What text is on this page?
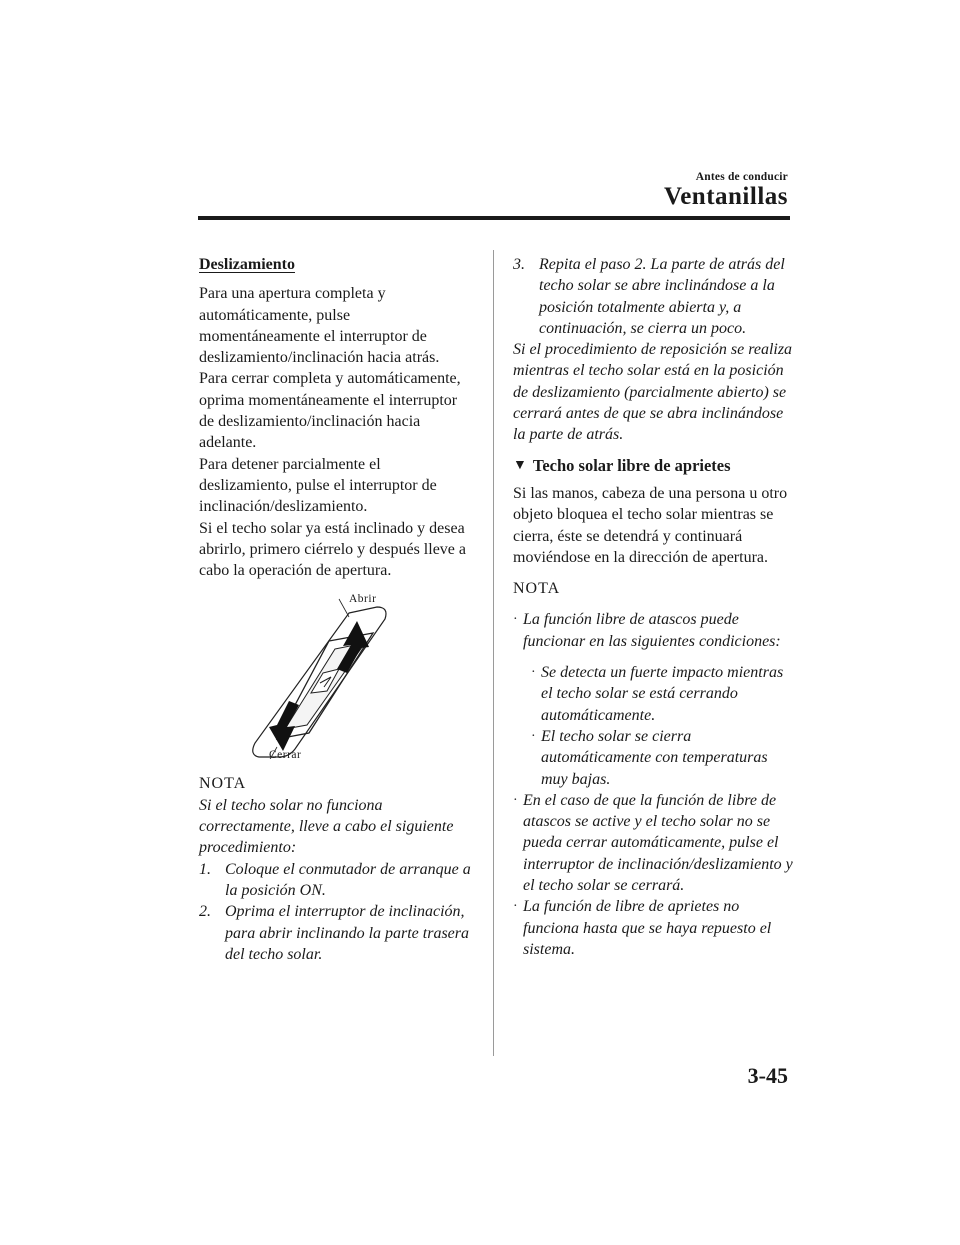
Antes de conducir
Ventanillas

Deslizamiento

Para una apertura completa y automáticamente, pulse momentáneamente el interruptor de deslizamiento/inclinación hacia atrás.

Para cerrar completa y automáticamente, oprima momentáneamente el interruptor de deslizamiento/inclinación hacia adelante.

Para detener parcialmente el deslizamiento, pulse el interruptor de inclinación/deslizamiento.

Si el techo solar ya está inclinado y desea abrirlo, primero ciérrelo y después lleve a cabo la operación de apertura.

Abrir
Cerrar

NOTA

Si el techo solar no funciona correctamente, lleve a cabo el siguiente procedimiento:

1. Coloque el conmutador de arranque a la posición ON.
2. Oprima el interruptor de inclinación, para abrir inclinando la parte trasera del techo solar.
3. Repita el paso 2. La parte de atrás del techo solar se abre inclinándose a la posición totalmente abierta y, a continuación, se cierra un poco.

Si el procedimiento de reposición se realiza mientras el techo solar está en la posición de deslizamiento (parcialmente abierto) se cerrará antes de que se abra inclinándose la parte de atrás.

▼ Techo solar libre de aprietes

Si las manos, cabeza de una persona u otro objeto bloquea el techo solar mientras se cierra, éste se detendrá y continuará moviéndose en la dirección de apertura.

NOTA

· La función libre de atascos puede funcionar en las siguientes condiciones:
· Se detecta un fuerte impacto mientras el techo solar se está cerrando automáticamente.
· El techo solar se cierra automáticamente con temperaturas muy bajas.
· En el caso de que la función de libre de atascos se active y el techo solar no se pueda cerrar automáticamente, pulse el interruptor de inclinación/deslizamiento y el techo solar se cerrará.
· La función de libre de aprietes no funciona hasta que se haya repuesto el sistema.
3-45
